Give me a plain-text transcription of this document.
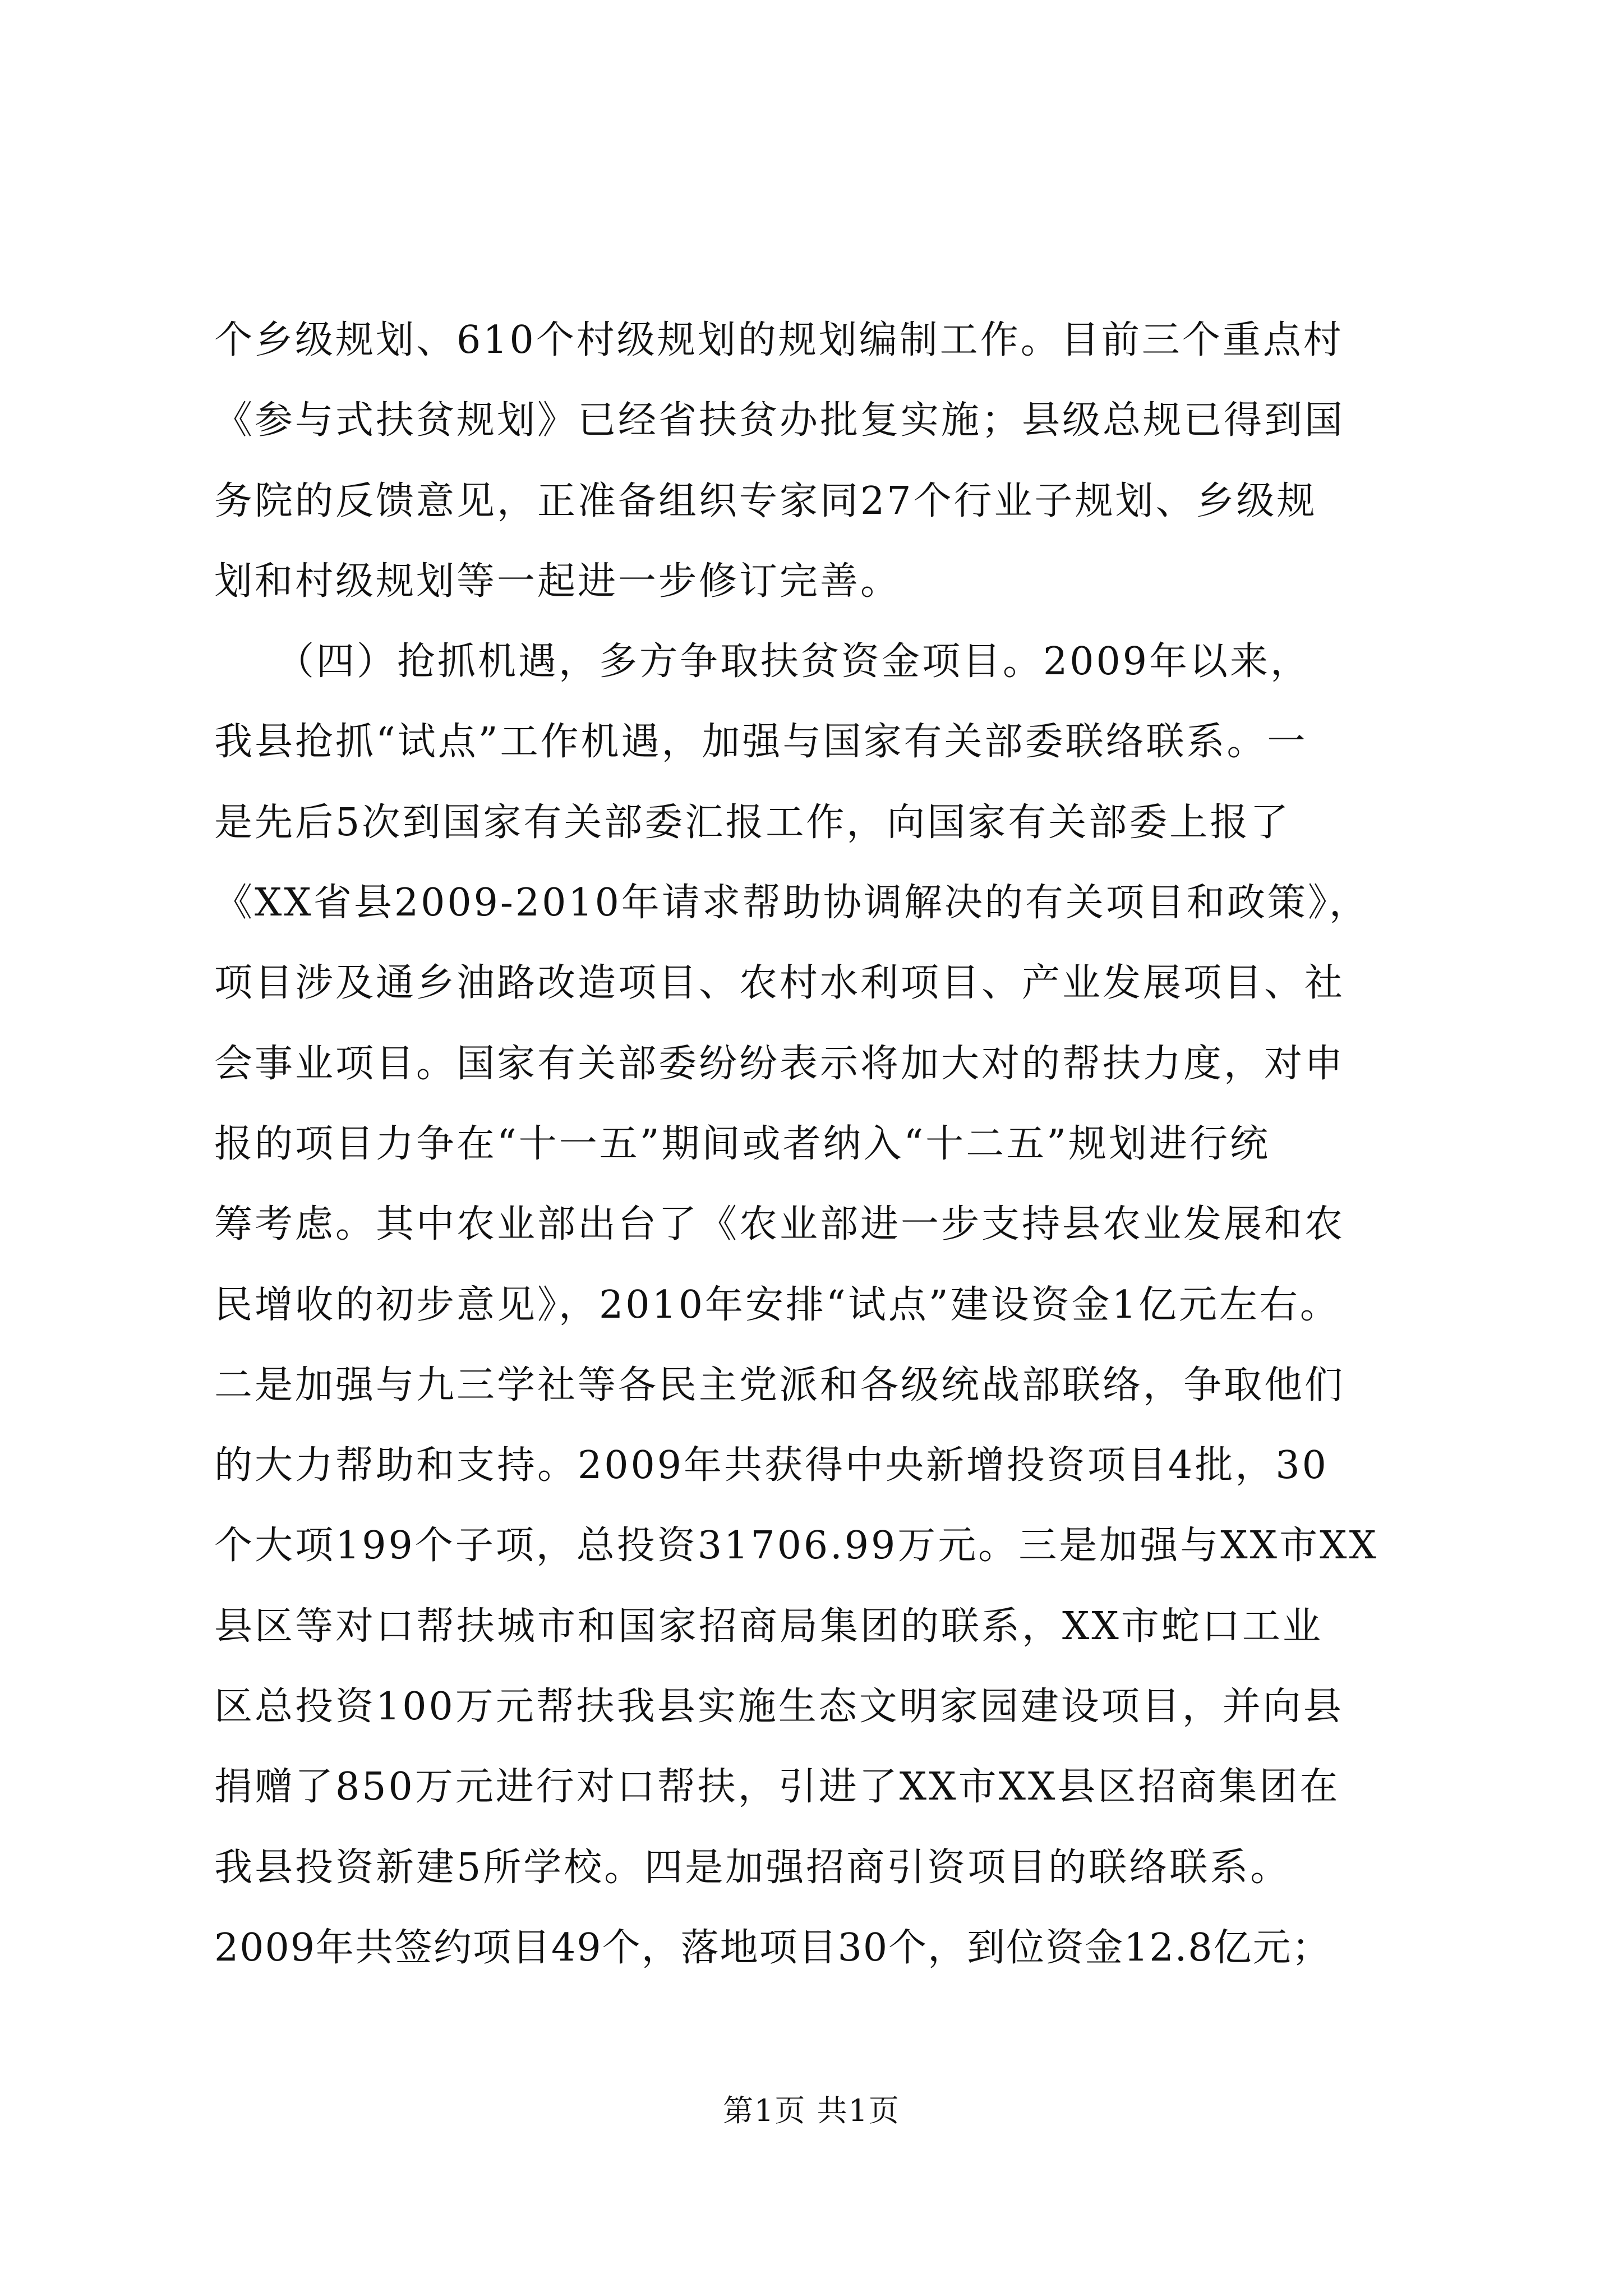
个乡级规划、610个村级规划的规划编制工作。目前三个重点村
《参与式扶贫规划》已经省扶贫办批复实施；县级总规已得到国
务院的反馈意见，正准备组织专家同27个行业子规划、乡级规
划和村级规划等一起进一步修订完善。
　　（四）抢抓机遇，多方争取扶贫资金项目。2009年以来，
我县抢抓“试点”工作机遇，加强与国家有关部委联络联系。一
是先后5次到国家有关部委汇报工作，向国家有关部委上报了
《XX省县2009-2010年请求帮助协调解决的有关项目和政策》，
项目涉及通乡油路改造项目、农村水利项目、产业发展项目、社
会事业项目。国家有关部委纷纷表示将加大对的帮扶力度，对申
报的项目力争在“十一五”期间或者纳入“十二五”规划进行统
筹考虑。其中农业部出台了《农业部进一步支持县农业发展和农
民增收的初步意见》，2010年安排“试点”建设资金1亿元左右。
二是加强与九三学社等各民主党派和各级统战部联络，争取他们
的大力帮助和支持。2009年共获得中央新增投资项目4批，30
个大项199个子项，总投资31706.99万元。三是加强与XX市XX
县区等对口帮扶城市和国家招商局集团的联系，XX市蛇口工业
区总投资100万元帮扶我县实施生态文明家园建设项目，并向县
捐赠了850万元进行对口帮扶，引进了XX市XX县区招商集团在
我县投资新建5所学校。四是加强招商引资项目的联络联系。
2009年共签约项目49个，落地项目30个，到位资金12.8亿元；
第1页 共1页
